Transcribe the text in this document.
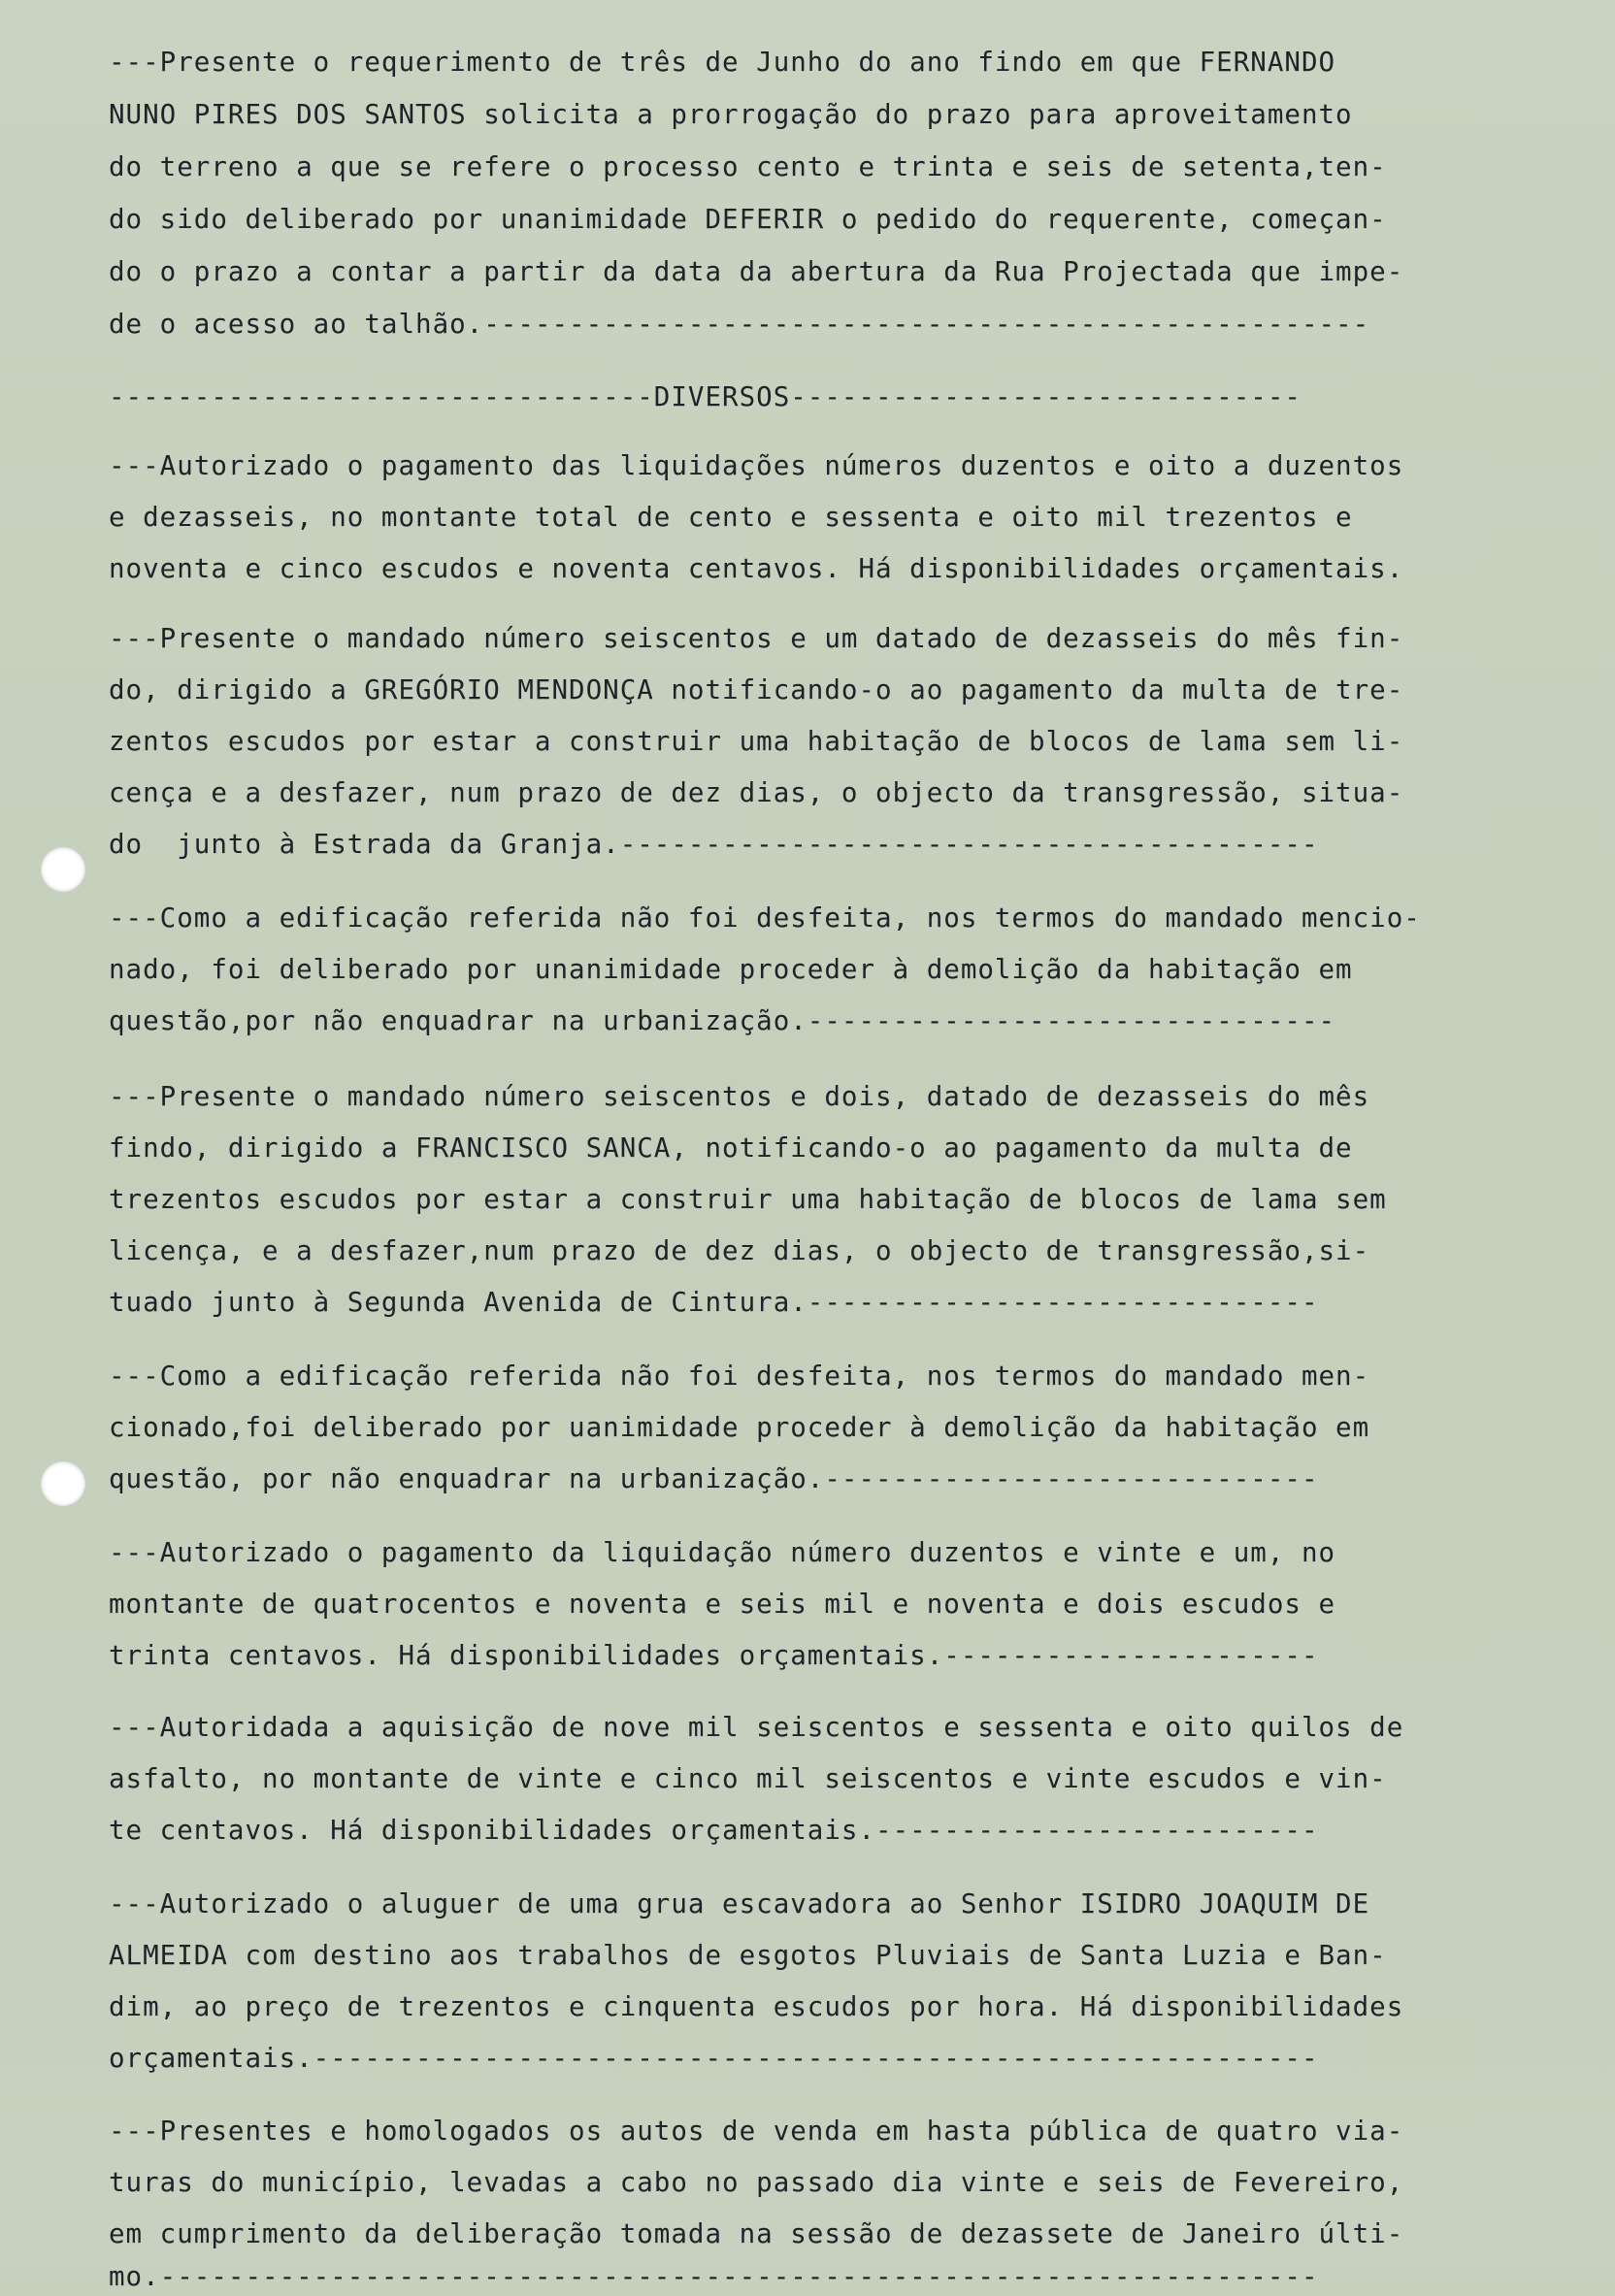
---Presente o requerimento de três de Junho do ano findo em que FERNANDO
NUNO PIRES DOS SANTOS solicita a prorrogação do prazo para aproveitamento
do terreno a que se refere o processo cento e trinta e seis de setenta,ten-
do sido deliberado por unanimidade DEFERIR o pedido do requerente, começan-
do o prazo a contar a partir da data da abertura da Rua Projectada que impe-
de o acesso ao talhão.----------------------------------------------------
--------------------------------DIVERSOS------------------------------
---Autorizado o pagamento das liquidações números duzentos e oito a duzentos
e dezasseis, no montante total de cento e sessenta e oito mil trezentos e
noventa e cinco escudos e noventa centavos. Há disponibilidades orçamentais.
---Presente o mandado número seiscentos e um datado de dezasseis do mês fin-
do, dirigido a GREGÓRIO MENDONÇA notificando-o ao pagamento da multa de tre-
zentos escudos por estar a construir uma habitação de blocos de lama sem li-
cença e a desfazer, num prazo de dez dias, o objecto da transgressão, situa-
do  junto à Estrada da Granja.-----------------------------------------
---Como a edificação referida não foi desfeita, nos termos do mandado mencio-
nado, foi deliberado por unanimidade proceder à demolição da habitação em
questão,por não enquadrar na urbanização.-------------------------------
---Presente o mandado número seiscentos e dois, datado de dezasseis do mês
findo, dirigido a FRANCISCO SANCA, notificando-o ao pagamento da multa de
trezentos escudos por estar a construir uma habitação de blocos de lama sem
licença, e a desfazer,num prazo de dez dias, o objecto de transgressão,si-
tuado junto à Segunda Avenida de Cintura.------------------------------
---Como a edificação referida não foi desfeita, nos termos do mandado men-
cionado,foi deliberado por uanimidade proceder à demolição da habitação em
questão, por não enquadrar na urbanização.-----------------------------
---Autorizado o pagamento da liquidação número duzentos e vinte e um, no
montante de quatrocentos e noventa e seis mil e noventa e dois escudos e
trinta centavos. Há disponibilidades orçamentais.----------------------
---Autoridada a aquisição de nove mil seiscentos e sessenta e oito quilos de
asfalto, no montante de vinte e cinco mil seiscentos e vinte escudos e vin-
te centavos. Há disponibilidades orçamentais.--------------------------
---Autorizado o aluguer de uma grua escavadora ao Senhor ISIDRO JOAQUIM DE
ALMEIDA com destino aos trabalhos de esgotos Pluviais de Santa Luzia e Ban-
dim, ao preço de trezentos e cinquenta escudos por hora. Há disponibilidades
orçamentais.-----------------------------------------------------------
---Presentes e homologados os autos de venda em hasta pública de quatro via-
turas do município, levadas a cabo no passado dia vinte e seis de Fevereiro,
em cumprimento da deliberação tomada na sessão de dezassete de Janeiro últi-
mo.--------------------------------------------------------------------
